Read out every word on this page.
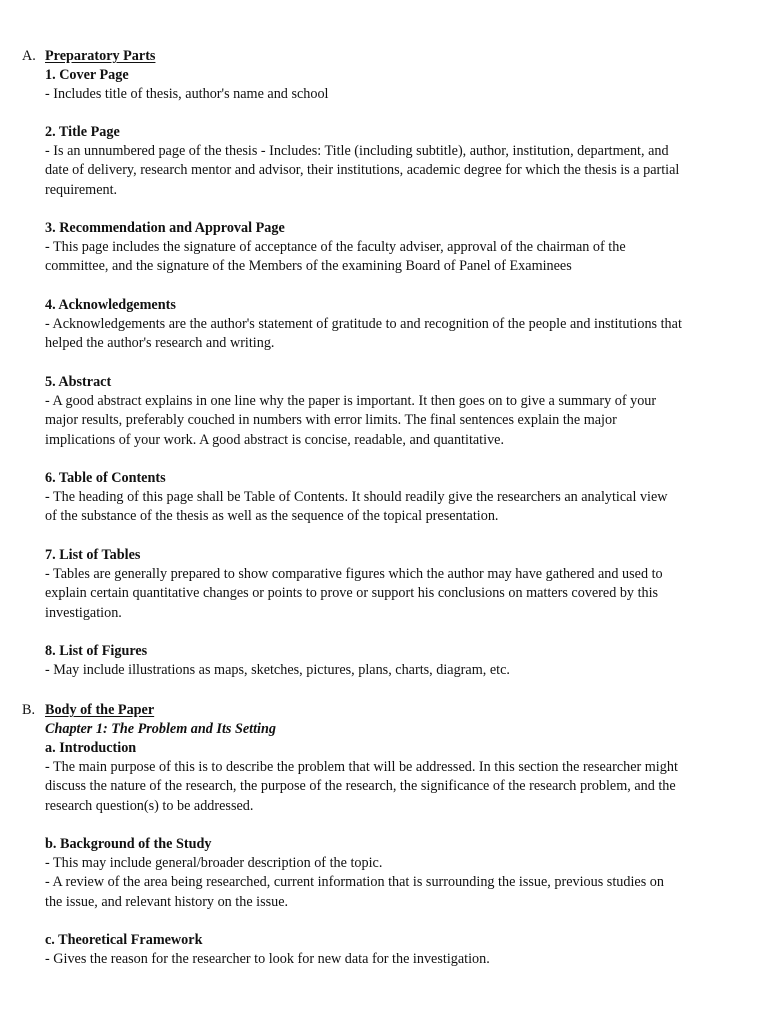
A. Preparatory Parts
1. Cover Page

- Includes title of thesis, author's name and school

2. Title Page

- Is an unnumbered page of the thesis - Includes: Title (including subtitle), author, institution, department, and
date of delivery, research mentor and advisor, their institutions, academic degree for which the thesis is a partial
requirement.

3. Recommendation and Approval Page

- This page includes the signature of acceptance of the faculty adviser, approval of the chairman of the
committee, and the signature of the Members of the examining Board of Panel of Examinees

4. Acknowledgements

- Acknowledgements are the author's statement of gratitude to and recognition of the people and institutions that
helped the author's research and writing.

5. Abstract

- A good abstract explains in one line why the paper is important. It then goes on to give a summary of your
major results, preferably couched in numbers with error limits. The final sentences explain the major
implications of your work. A good abstract is concise, readable, and quantitative.

6. Table of Contents

- The heading of this page shall be Table of Contents. It should readily give the researchers an analytical view
of the substance of the thesis as well as the sequence of the topical presentation.

7. List of Tables

- Tables are generally prepared to show comparative figures which the author may have gathered and used to
explain certain quantitative changes or points to prove or support his conclusions on matters covered by this
investigation.

8. List of Figures

- May include illustrations as maps, sketches, pictures, plans, charts, diagram, etc.

B. Body of the Paper
Chapter 1: The Problem and Its Setting
a. Introduction

- The main purpose of this is to describe the problem that will be addressed. In this section the researcher might
discuss the nature of the research, the purpose of the research, the significance of the research problem, and the
research question(s) to be addressed.

b. Background of the Study

- This may include general/broader description of the topic.
- A review of the area being researched, current information that is surrounding the issue, previous studies on
the issue, and relevant history on the issue.

c. Theoretical Framework

- Gives the reason for the researcher to look for new data for the investigation.
